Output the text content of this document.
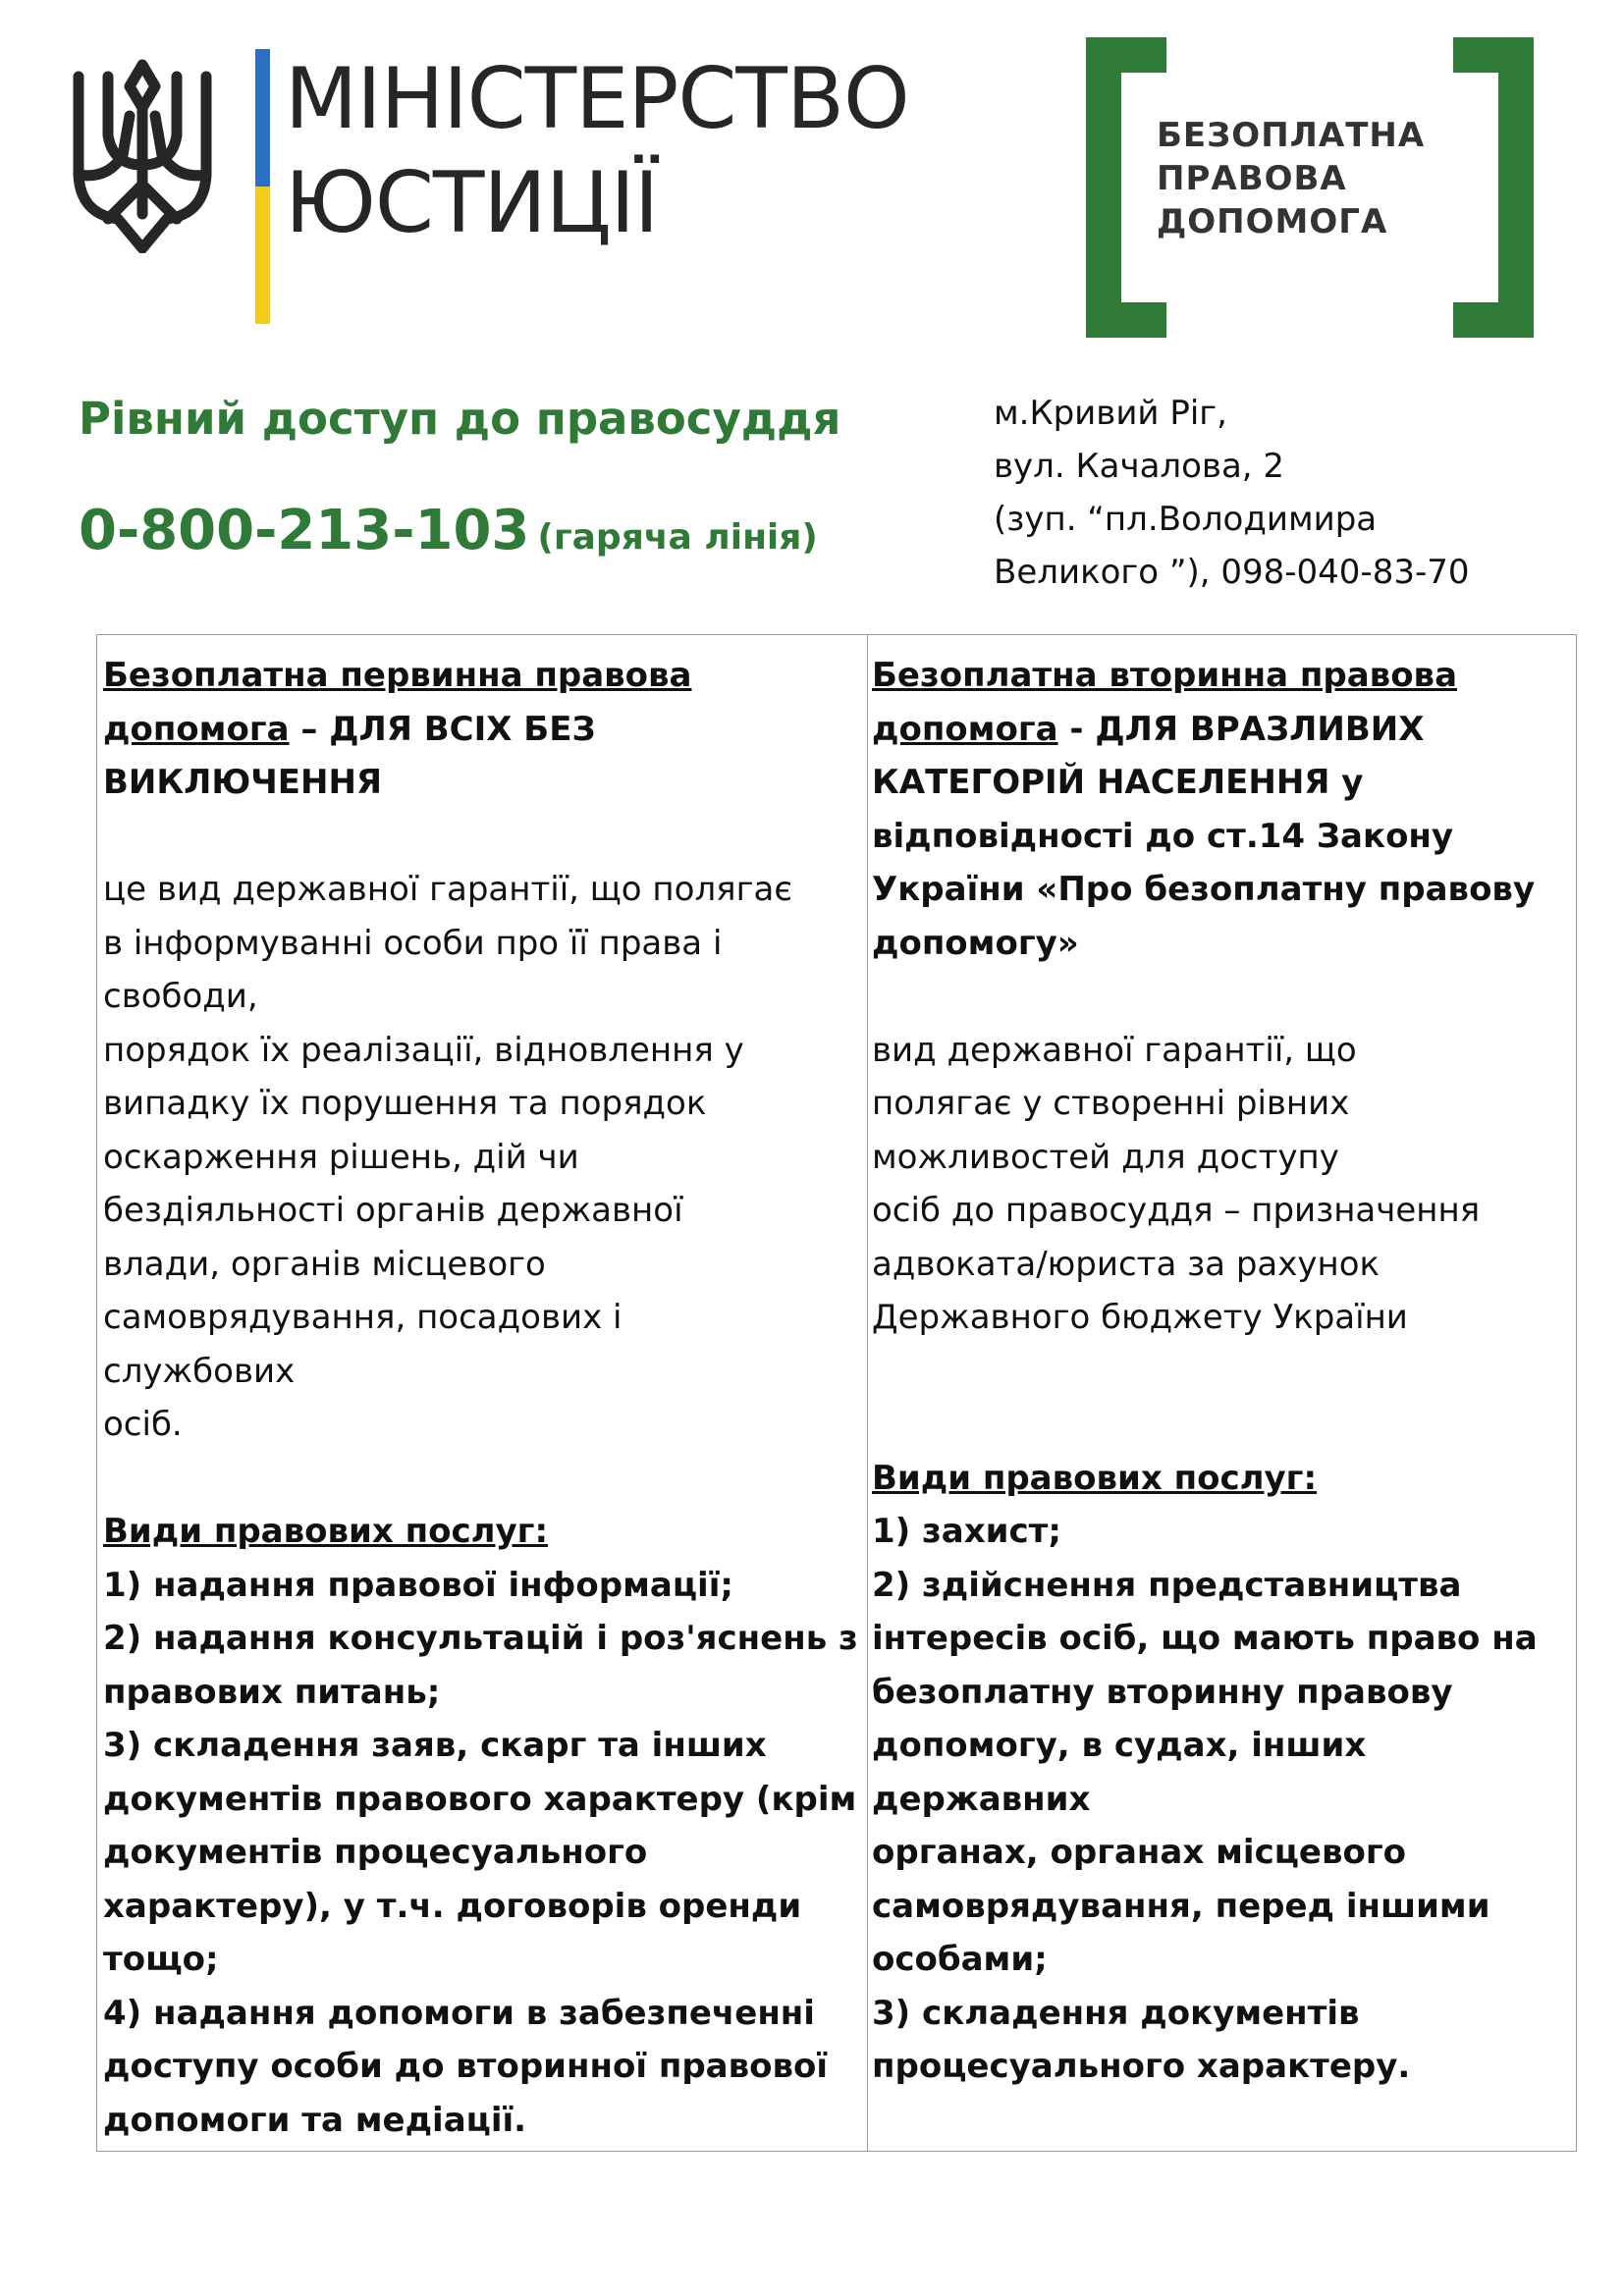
МІНІСТЕРСТВО
ЮСТИЦІЇ
БЕЗОПЛАТНА
ПРАВОВА
ДОПОМОГА
Рівний доступ до правосуддя
0-800-213-103 (гаряча лінія)
м.Кривий Ріг,
вул. Качалова, 2
(зуп. “пл.Володимира
Великого ”), 098-040-83-70

Безоплатна первинна правова допомога – ДЛЯ ВСІХ БЕЗ ВИКЛЮЧЕННЯ

це вид державної гарантії, що полягає
в інформуванні особи про її права і
свободи,
порядок їх реалізації, відновлення у
випадку їх порушення та порядок
оскарження рішень, дій чи
бездіяльності органів державної
влади, органів місцевого
самоврядування, посадових і
службових
осіб.

Види правових послуг:

1) надання правової інформації;
2) надання консультацій і роз'яснень з
правових питань;
3) складення заяв, скарг та інших
документів правового характеру (крім
документів процесуального
характеру), у т.ч. договорів оренди
тощо;
4) надання допомоги в забезпеченні
доступу особи до вторинної правової
допомоги та медіації.

Безоплатна вторинна правова
допомога - ДЛЯ ВРАЗЛИВИХ
КАТЕГОРІЙ НАСЕЛЕННЯ у
відповідності до ст.14 Закону
України «Про безоплатну правову
допомогу»

вид державної гарантії, що
полягає у створенні рівних
можливостей для доступу
осіб до правосуддя – призначення
адвоката/юриста за рахунок
Державного бюджету України

Види правових послуг:

1) захист;
2) здійснення представництва
інтересів осіб, що мають право на
безоплатну вторинну правову
допомогу, в судах, інших
державних
органах, органах місцевого
самоврядування, перед іншими
особами;
3) складення документів
процесуального характеру.
